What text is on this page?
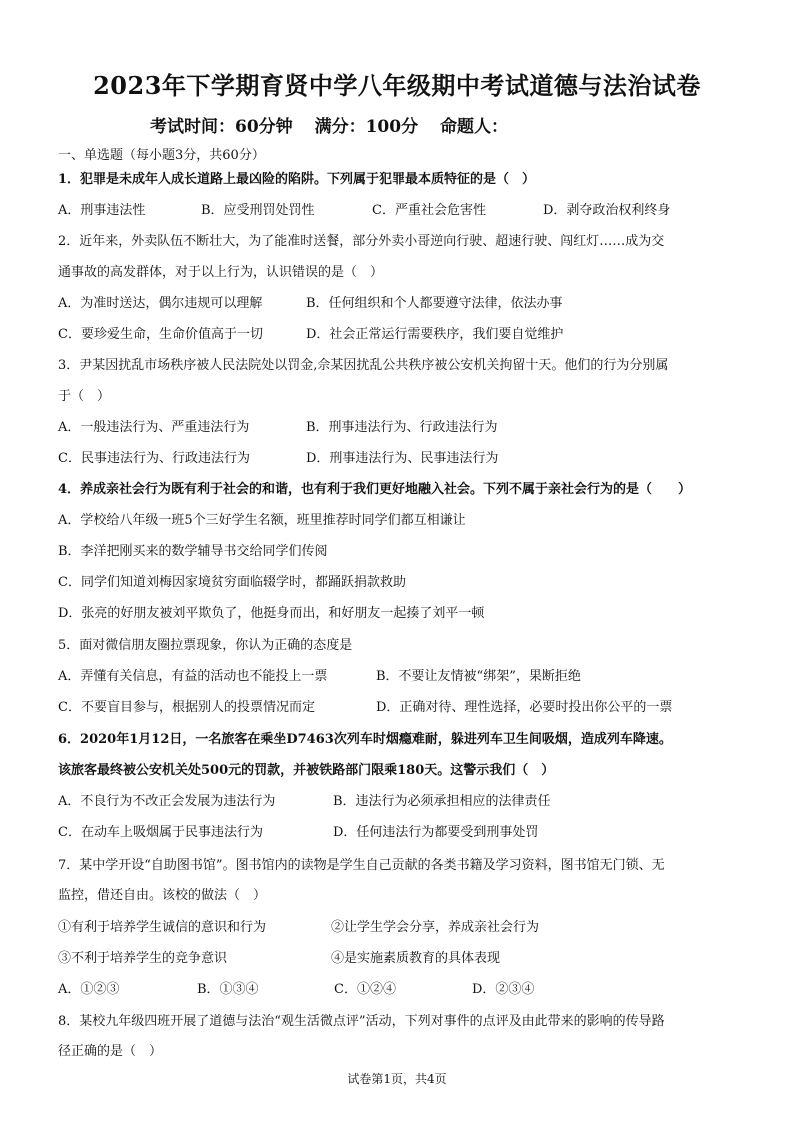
2023年下学期育贤中学八年级期中考试道德与法治试卷
考试时间：60分钟 满分：100分 命题人：
一、单选题（每小题3分，共60分）
1．犯罪是未成年人成长道路上最凶险的陷阱。下列属于犯罪最本质特征的是（　）
A．刑事违法性	B．应受刑罚处罚性	C．严重社会危害性	D．剥夺政治权利终身
2．近年来，外卖队伍不断壮大，为了能准时送餐，部分外卖小哥逆向行驶、超速行驶、闯红灯……成为交
通事故的高发群体，对于以上行为，认识错误的是（　）
A．为准时送达，偶尔违规可以理解	B．任何组织和个人都要遵守法律，依法办事
C．要珍爱生命，生命价值高于一切	D．社会正常运行需要秩序，我们要自觉维护
3．尹某因扰乱市场秩序被人民法院处以罚金,佘某因扰乱公共秩序被公安机关拘留十天。他们的行为分别属
于（　）
A．一般违法行为、严重违法行为	B．刑事违法行为、行政违法行为
C．民事违法行为、行政违法行为	D．刑事违法行为、民事违法行为
4．养成亲社会行为既有利于社会的和谐，也有利于我们更好地融入社会。下列不属于亲社会行为的是（　　）
A．学校给八年级一班5个三好学生名额，班里推荐时同学们都互相谦让
B．李洋把刚买来的数学辅导书交给同学们传阅
C．同学们知道刘梅因家境贫穷面临辍学时，都踊跃捐款救助
D．张亮的好朋友被刘平欺负了，他挺身而出，和好朋友一起揍了刘平一顿
5．面对微信朋友圈拉票现象，你认为正确的态度是
A．弄懂有关信息，有益的活动也不能投上一票	B．不要让友情被“绑架”，果断拒绝
C．不要盲目参与，根据别人的投票情况而定	D．正确对待、理性选择，必要时投出你公平的一票
6．2020年1月12日，一名旅客在乘坐D7463次列车时烟瘾难耐，躲进列车卫生间吸烟，造成列车降速。
该旅客最终被公安机关处500元的罚款，并被铁路部门限乘180天。这警示我们（　）
A．不良行为不改正会发展为违法行为	B．违法行为必须承担相应的法律责任
C．在动车上吸烟属于民事违法行为	D．任何违法行为都要受到刑事处罚
7．某中学开设“自助图书馆”。图书馆内的读物是学生自己贡献的各类书籍及学习资料，图书馆无门锁、无
监控，借还自由。该校的做法（　）
①有利于培养学生诚信的意识和行为	②让学生学会分享，养成亲社会行为
③不利于培养学生的竞争意识	④是实施素质教育的具体表现
A．①②③	B．①③④	C．①②④	D．②③④
8．某校九年级四班开展了道德与法治“观生活微点评”活动，下列对事件的点评及由此带来的影响的传导路
径正确的是（　）
试卷第1页，共4页
